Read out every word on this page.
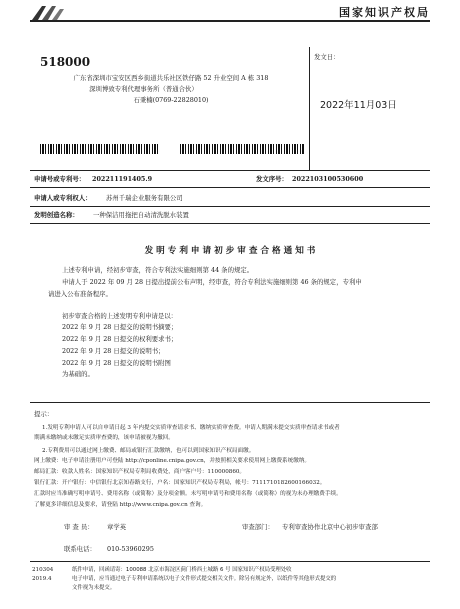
国家知识产权局
518000
广东省深圳市宝安区西乡街道共乐社区铁仔路 52 升业空间 A 栋 318
深圳博致专利代理事务所（普通合伙）
石秉楠(0769-22828010)
发文日：
2022年11月03日
申请号或专利号： 202211191405.9	发文序号： 2022103100530600
申请人或专利权人： 苏州千瑞企业服务有限公司
发明创造名称： 一种保洁用拖把自动清洗脱水装置
发 明 专 利 申 请 初 步 审 查 合 格 通 知 书
上述专利申请，经初步审查，符合专利法实施细则第 44 条的规定。
申请人于 2022 年 09 月 28 日提出提前公布声明，经审查，符合专利法实施细则第 46 条的规定，专利申
请进入公布准备程序。
初步审查合格的上述发明专利申请是以：
2022 年 9 月 28 日提交的说明书摘要；
2022 年 9 月 28 日提交的权利要求书；
2022 年 9 月 28 日提交的说明书；
2022 年 9 月 28 日提交的说明书附图
为基础的。
提示：
1.发明专利申请人可以自申请日起 3 年内提交实质审查请求书、缴纳实质审查费。申请人期满未提交实质审查请求书或者
期满未缴纳或未缴足实质审查费的，该申请被视为撤回。
2.专利费用可以通过网上缴费、邮局或银行汇款缴纳，也可以到国家知识产权局面缴。
网上缴费：电子申请注册用户可登陆 http://cponline.cnipa.gov.cn，并按照相关要求使用网上缴费系统缴纳。
邮局汇款：收款人姓名：国家知识产权局专利局收费处，商户客户号：110000860。
银行汇款：开户银行：中信银行北京知春路支行，户名：国家知识产权局专利局，帐号：7111710182600166032。
汇款时应当准确写明申请号、费用名称（或简称）及分项金额。未写明申请号和费用名称（或简称）的视为未办理缴费手续。
了解更多详细信息及要求，请登陆 http://www.cnipa.gov.cn 查询。
审 查 员： 章学英	审查部门： 专利审查协作北京中心初步审查部
联系电话： 010-53960295
210304
2019.4
纸件申请，回函请寄：100088 北京市海淀区蓟门桥西土城路 6 号 国家知识产权局受理处收
电子申请，应当通过电子专利申请系统以电子文件形式提交相关文件。除另有规定外，以纸件等其他形式提交的
文件视为未提交。
